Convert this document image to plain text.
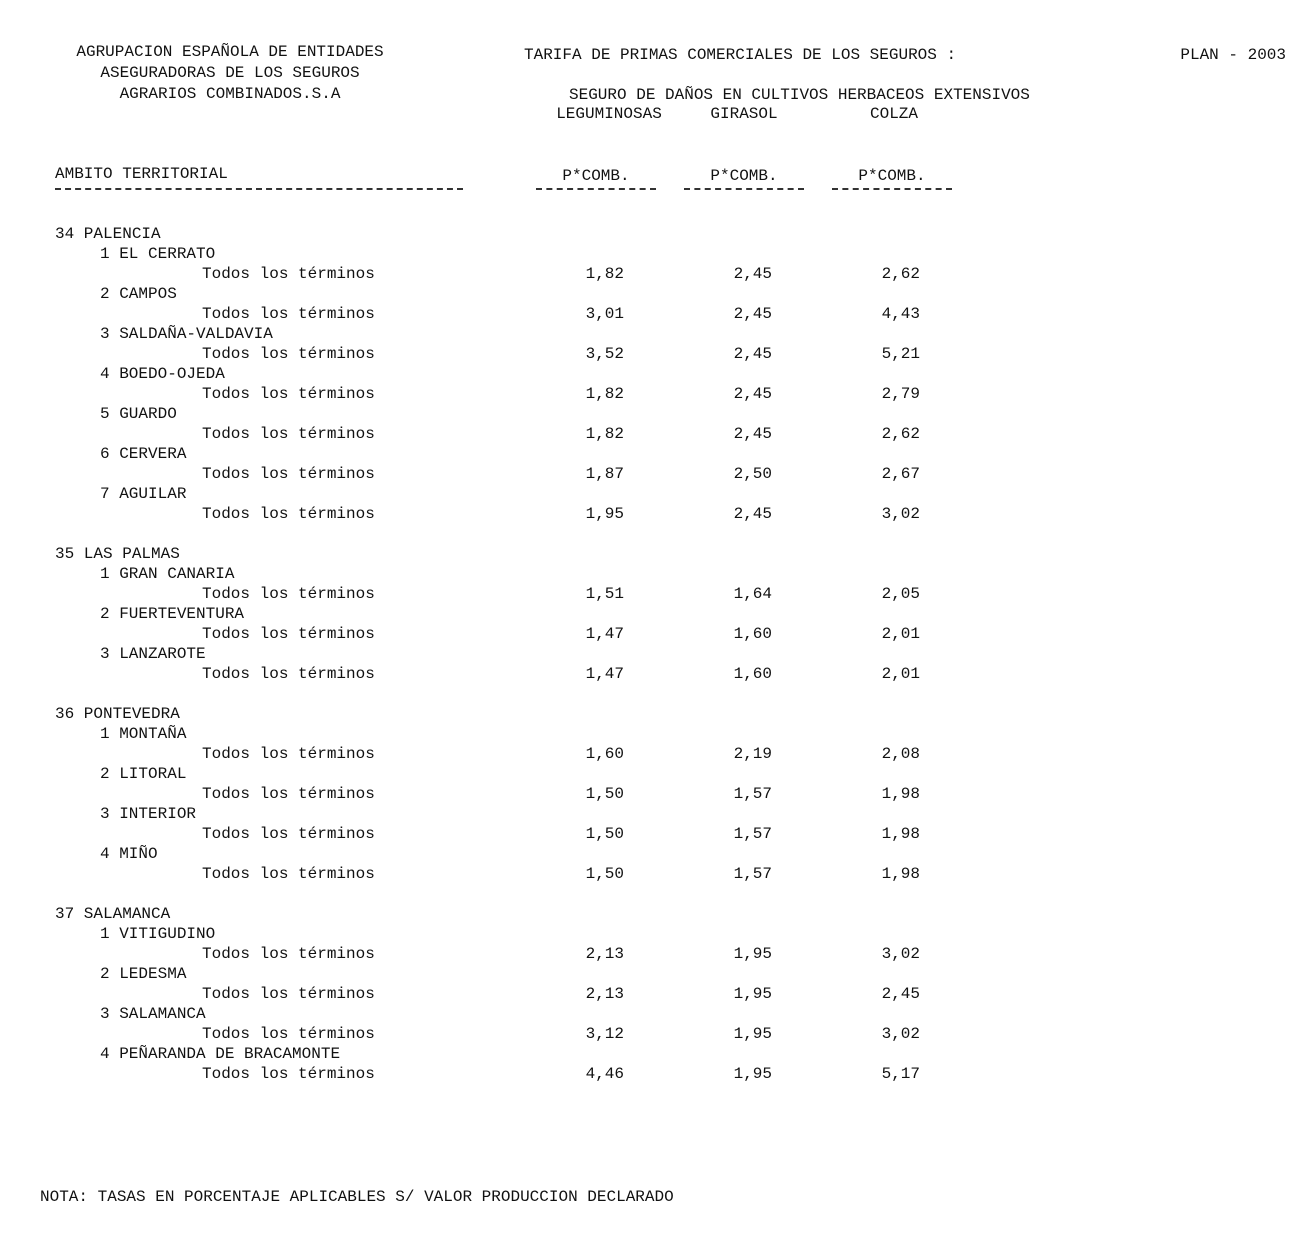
AGRUPACION ESPAÑOLA DE ENTIDADES
ASEGURADORAS DE LOS SEGUROS
AGRARIOS COMBINADOS.S.A
TARIFA DE PRIMAS COMERCIALES DE LOS SEGUROS :	PLAN - 2003
SEGURO DE DAÑOS EN CULTIVOS HERBACEOS EXTENSIVOS
LEGUMINOSAS	GIRASOL	COLZA
AMBITO TERRITORIAL	P*COMB.	P*COMB.	P*COMB.
34 PALENCIA
1 EL CERRATO
Todos los términos	1,82	2,45	2,62
2 CAMPOS
Todos los términos	3,01	2,45	4,43
3 SALDAÑA-VALDAVIA
Todos los términos	3,52	2,45	5,21
4 BOEDO-OJEDA
Todos los términos	1,82	2,45	2,79
5 GUARDO
Todos los términos	1,82	2,45	2,62
6 CERVERA
Todos los términos	1,87	2,50	2,67
7 AGUILAR
Todos los términos	1,95	2,45	3,02
35 LAS PALMAS
1 GRAN CANARIA
Todos los términos	1,51	1,64	2,05
2 FUERTEVENTURA
Todos los términos	1,47	1,60	2,01
3 LANZAROTE
Todos los términos	1,47	1,60	2,01
36 PONTEVEDRA
1 MONTAÑA
Todos los términos	1,60	2,19	2,08
2 LITORAL
Todos los términos	1,50	1,57	1,98
3 INTERIOR
Todos los términos	1,50	1,57	1,98
4 MIÑO
Todos los términos	1,50	1,57	1,98
37 SALAMANCA
1 VITIGUDINO
Todos los términos	2,13	1,95	3,02
2 LEDESMA
Todos los términos	2,13	1,95	2,45
3 SALAMANCA
Todos los términos	3,12	1,95	3,02
4 PEÑARANDA DE BRACAMONTE
Todos los términos	4,46	1,95	5,17
NOTA: TASAS EN PORCENTAJE APLICABLES S/ VALOR PRODUCCION DECLARADO
